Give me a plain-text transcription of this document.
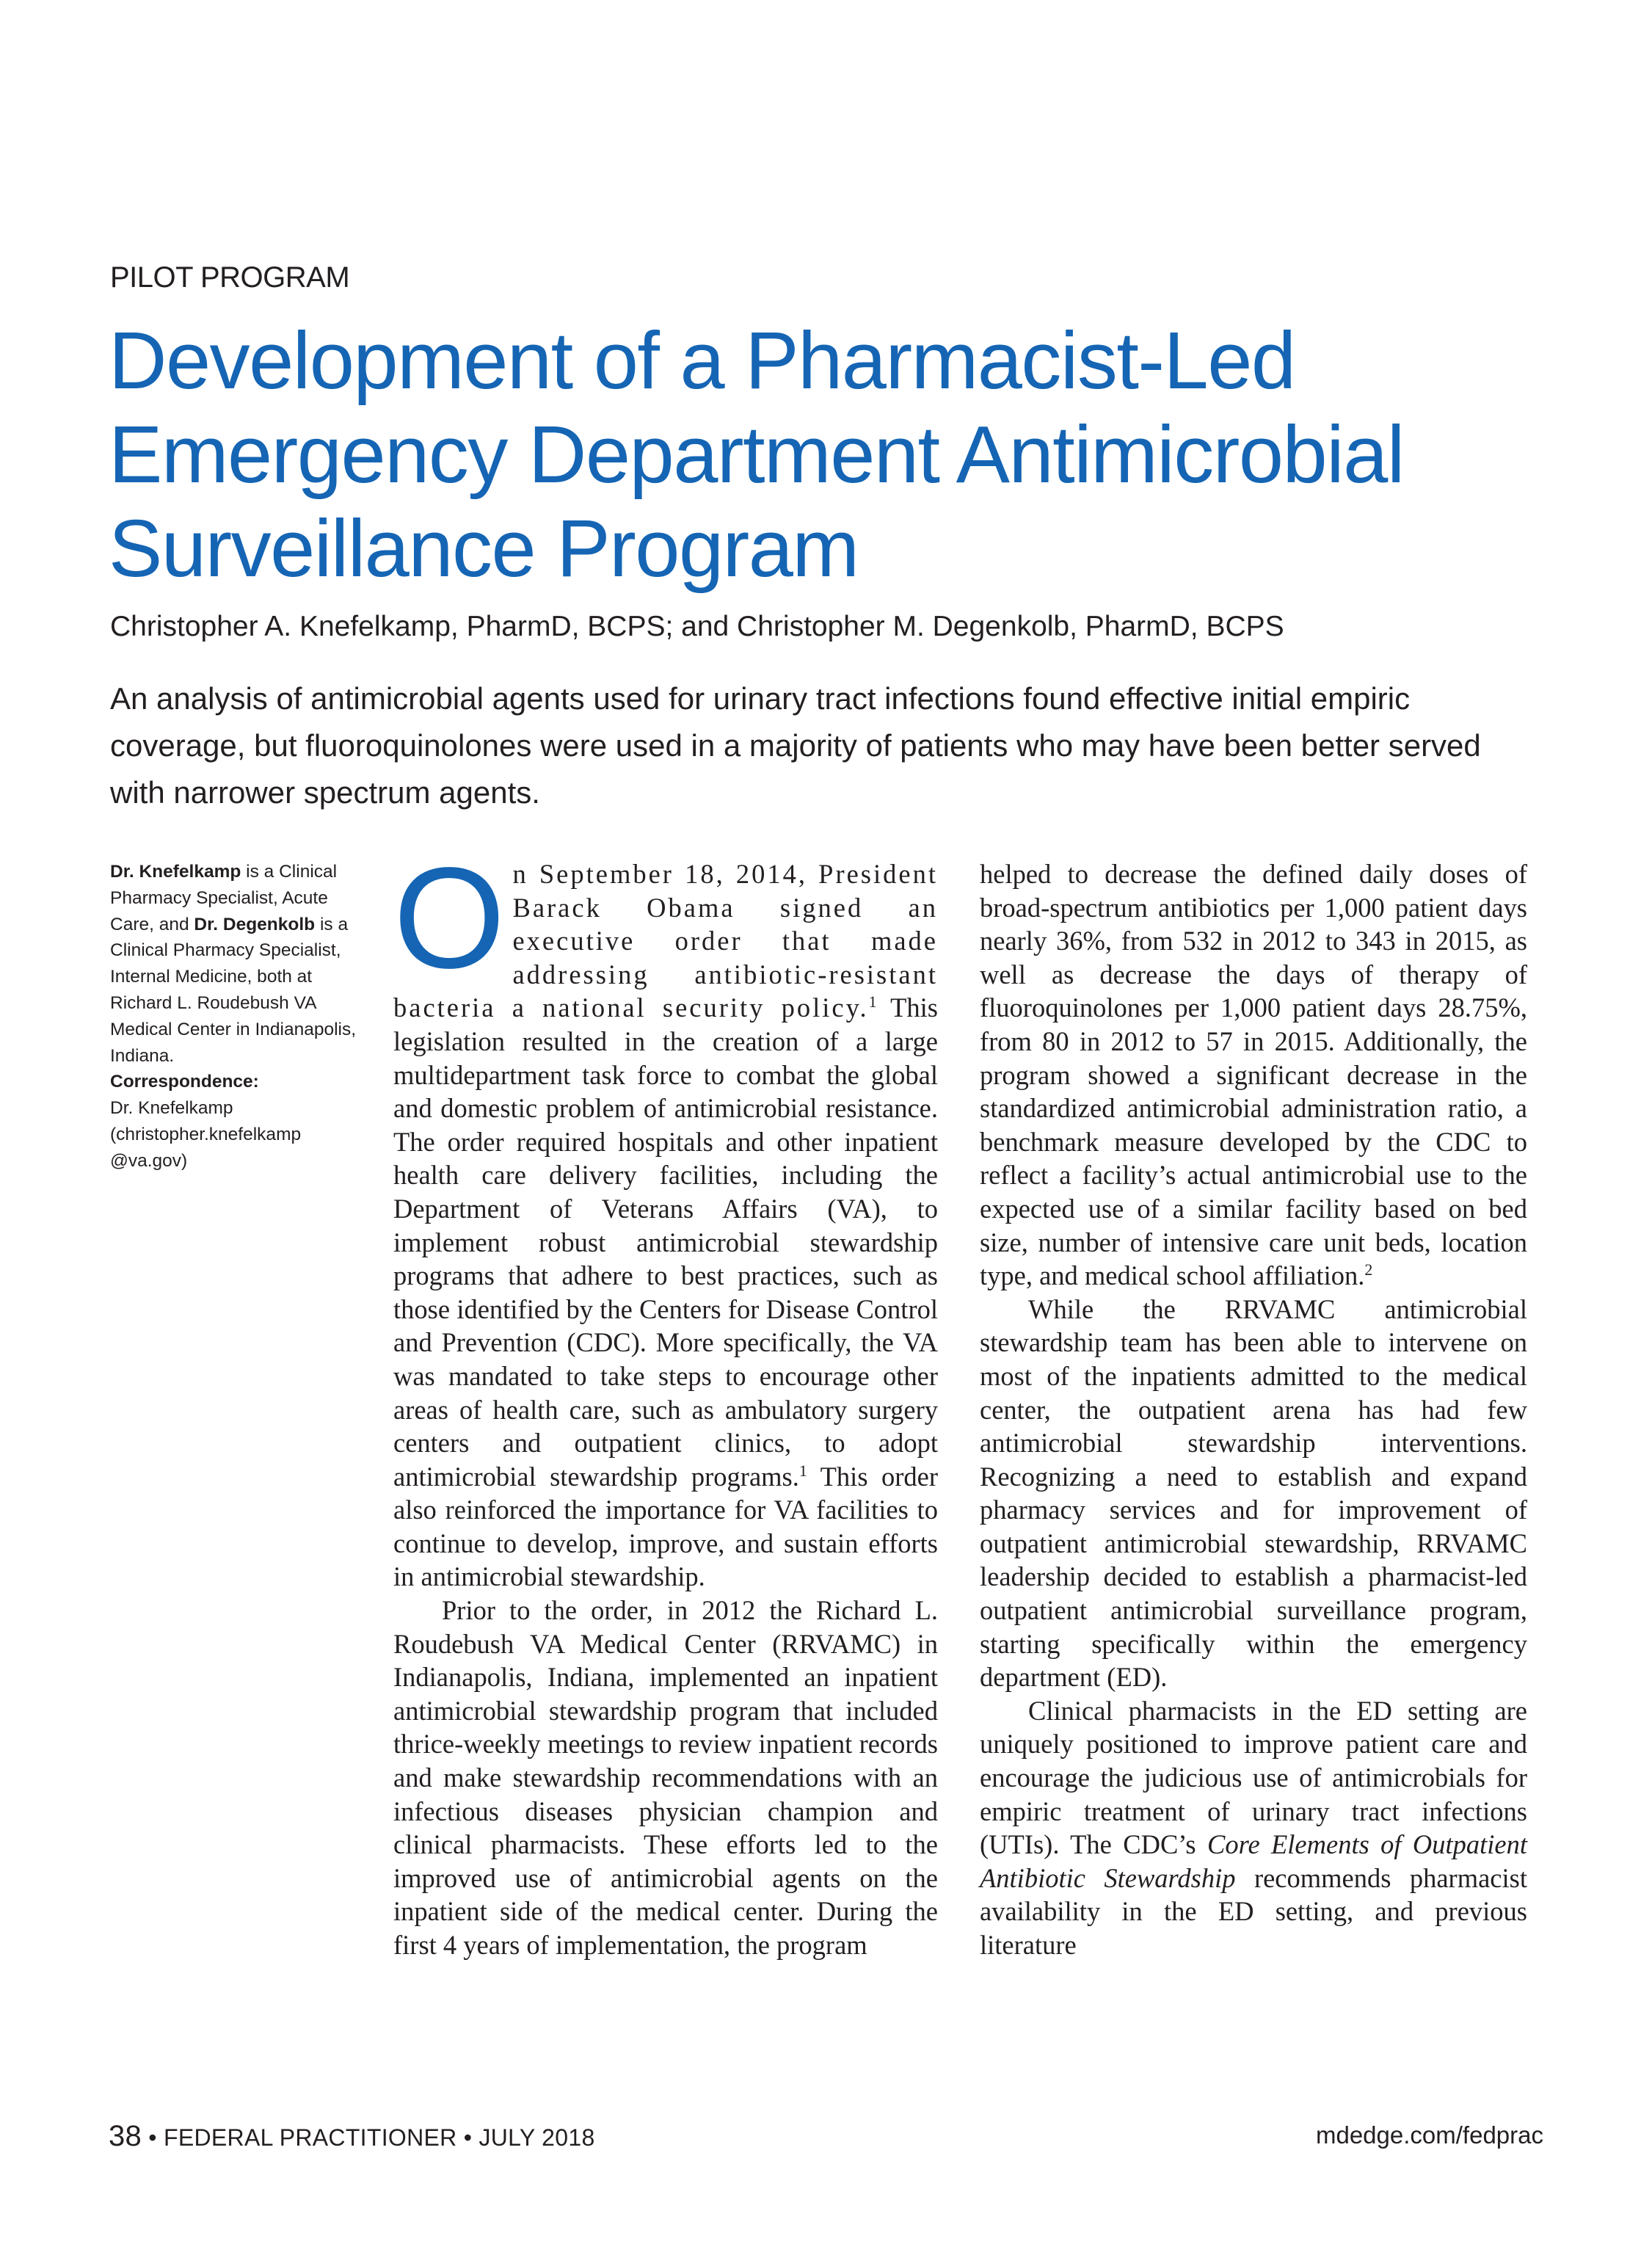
PILOT PROGRAM
Development of a Pharmacist-Led
Emergency Department Antimicrobial
Surveillance Program
Christopher A. Knefelkamp, PharmD, BCPS; and Christopher M. Degenkolb, PharmD, BCPS

An analysis of antimicrobial agents used for urinary tract infections found effective initial empiric coverage, but fluoroquinolones were used in a majority of patients who may have been better served with narrower spectrum agents.

Dr. Knefelkamp is a Clinical Pharmacy Specialist, Acute Care, and Dr. Degenkolb is a Clinical Pharmacy Specialist, Internal Medicine, both at Richard L. Roudebush VA Medical Center in Indianapolis, Indiana.

Correspondence:
Dr. Knefelkamp
(christopher.knefelkamp
@va.gov)

On September 18, 2014, President Barack Obama signed an executive order that made addressing antibiotic-resistant bacteria a national security policy.$^1$ This legislation resulted in the creation of a large multidepartment task force to combat the global and domestic problem of antimicrobial resistance. The order required hospitals and other inpatient health care delivery facilities, including the Department of Veterans Affairs (VA), to implement robust antimicrobial stewardship programs that adhere to best practices, such as those identified by the Centers for Disease Control and Prevention (CDC). More specifically, the VA was mandated to take steps to encourage other areas of health care, such as ambulatory surgery centers and outpatient clinics, to adopt antimicrobial stewardship programs.$^1$ This order also reinforced the importance for VA facilities to continue to develop, improve, and sustain efforts in antimicrobial stewardship.

Prior to the order, in 2012 the Richard L. Roudebush VA Medical Center (RRVAMC) in Indianapolis, Indiana, implemented an inpatient antimicrobial stewardship program that included thrice-weekly meetings to review inpatient records and make stewardship recommendations with an infectious diseases physician champion and clinical pharmacists. These efforts led to the improved use of antimicrobial agents on the inpatient side of the medical center. During the first 4 years of implementation, the program

helped to decrease the defined daily doses of broad-spectrum antibiotics per 1,000 patient days nearly 36%, from 532 in 2012 to 343 in 2015, as well as decrease the days of therapy of fluoroquinolones per 1,000 patient days 28.75%, from 80 in 2012 to 57 in 2015. Additionally, the program showed a significant decrease in the standardized antimicrobial administration ratio, a benchmark measure developed by the CDC to reflect a facility’s actual antimicrobial use to the expected use of a similar facility based on bed size, number of intensive care unit beds, location type, and medical school affiliation.$^2$

While the RRVAMC antimicrobial stewardship team has been able to intervene on most of the inpatients admitted to the medical center, the outpatient arena has had few antimicrobial stewardship interventions. Recognizing a need to establish and expand pharmacy services and for improvement of outpatient antimicrobial stewardship, RRVAMC leadership decided to establish a pharmacist-led outpatient antimicrobial surveillance program, starting specifically within the emergency department (ED).

Clinical pharmacists in the ED setting are uniquely positioned to improve patient care and encourage the judicious use of antimicrobials for empiric treatment of urinary tract infections (UTIs). The CDC’s Core Elements of Outpatient Antibiotic Stewardship recommends pharmacist availability in the ED setting, and previous literature

38 • FEDERAL PRACTITIONER • JULY 2018	mdedge.com/fedprac
